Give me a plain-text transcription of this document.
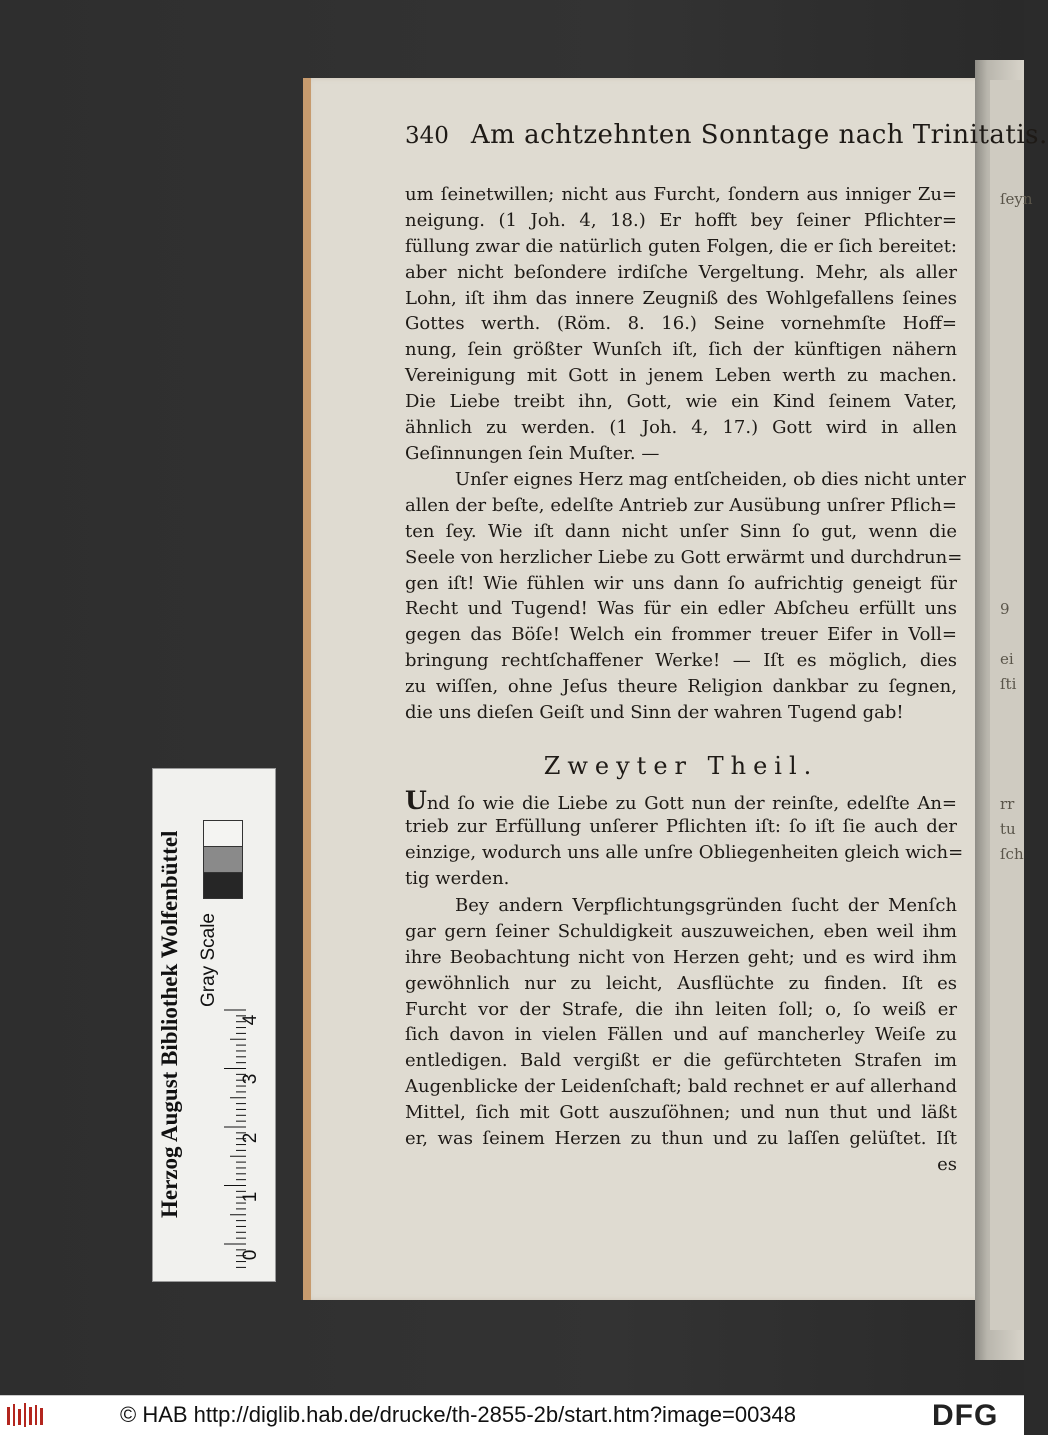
ſeyn
rr
tu
9
ei
ſti
ſch
340 Am achtzehnten Sonntage nach Trinitatis.
um ſeinetwillen; nicht aus Furcht, ſondern aus inniger Zu=
neigung. (1 Joh. 4, 18.) Er hofft bey ſeiner Pflichter=
füllung zwar die natürlich guten Folgen, die er ſich bereitet:
aber nicht beſondere irdiſche Vergeltung. Mehr, als aller
Lohn, iſt ihm das innere Zeugniß des Wohlgefallens ſeines
Gottes werth. (Röm. 8. 16.) Seine vornehmſte Hoff=
nung, ſein größter Wunſch iſt, ſich der künftigen nähern
Vereinigung mit Gott in jenem Leben werth zu machen.
Die Liebe treibt ihn, Gott, wie ein Kind ſeinem Vater,
ähnlich zu werden. (1 Joh. 4, 17.) Gott wird in allen
Geſinnungen ſein Muſter. —
Unſer eignes Herz mag entſcheiden, ob dies nicht unter
allen der beſte, edelſte Antrieb zur Ausübung unſrer Pflich=
ten ſey. Wie iſt dann nicht unſer Sinn ſo gut, wenn die
Seele von herzlicher Liebe zu Gott erwärmt und durchdrun=
gen iſt! Wie fühlen wir uns dann ſo aufrichtig geneigt für
Recht und Tugend! Was für ein edler Abſcheu erfüllt uns
gegen das Böſe! Welch ein frommer treuer Eifer in Voll=
bringung rechtſchaffener Werke! — Iſt es möglich, dies
zu wiſſen, ohne Jeſus theure Religion dankbar zu ſegnen,
die uns dieſen Geiſt und Sinn der wahren Tugend gab!
Zweyter Theil.
Und ſo wie die Liebe zu Gott nun der reinſte, edelſte An=
trieb zur Erfüllung unſerer Pflichten iſt: ſo iſt ſie auch der
einzige, wodurch uns alle unſre Obliegenheiten gleich wich=
tig werden.
Bey andern Verpflichtungsgründen ſucht der Menſch
gar gern ſeiner Schuldigkeit auszuweichen, eben weil ihm
ihre Beobachtung nicht von Herzen geht; und es wird ihm
gewöhnlich nur zu leicht, Ausflüchte zu finden. Iſt es
Furcht vor der Strafe, die ihn leiten ſoll; o, ſo weiß er
ſich davon in vielen Fällen und auf mancherley Weiſe zu
entledigen. Bald vergißt er die gefürchteten Strafen im
Augenblicke der Leidenſchaft; bald rechnet er auf allerhand
Mittel, ſich mit Gott auszuſöhnen; und nun thut und läßt
er, was ſeinem Herzen zu thun und zu laſſen gelüſtet. Iſt
es
Herzog August Bibliothek Wolfenbüttel Gray Scale
0
1
2
3
4
© HAB http://diglib.hab.de/drucke/th-2855-2b/start.htm?image=00348	DFG
